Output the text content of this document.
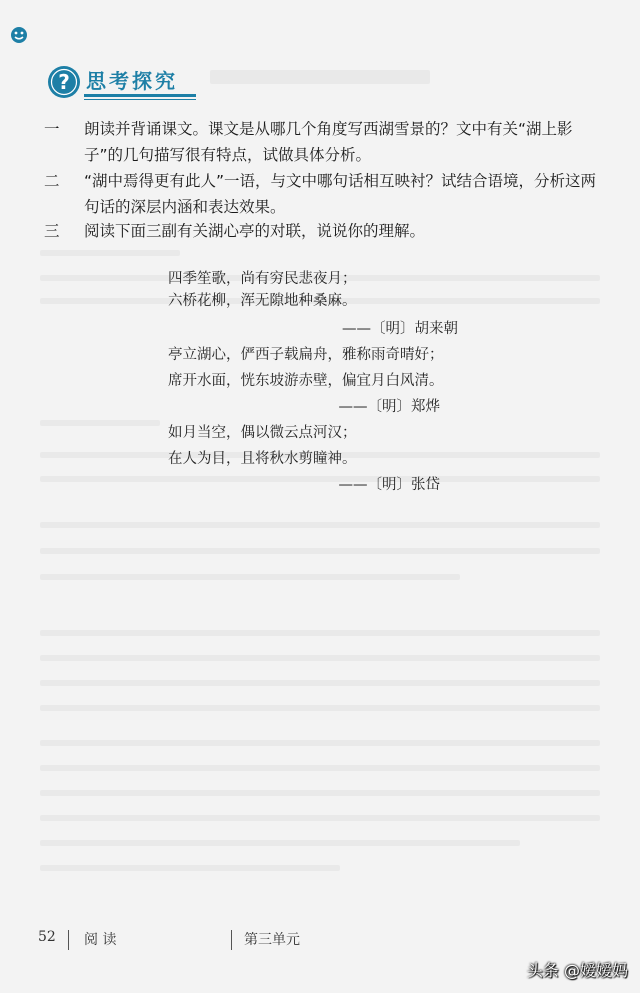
? 思考探究
一	朗读并背诵课文。课文是从哪几个角度写西湖雪景的？文中有关“湖上影子”的几句描写很有特点，试做具体分析。
二	“湖中焉得更有此人”一语，与文中哪句话相互映衬？试结合语境，分析这两句话的深层内涵和表达效果。
三	阅读下面三副有关湖心亭的对联，说说你的理解。
四季笙歌，尚有穷民悲夜月；
六桥花柳，浑无隙地种桑麻。
——〔明〕胡来朝
亭立湖心，俨西子载扁舟，雅称雨奇晴好；
席开水面，恍东坡游赤壁，偏宜月白风清。
——〔明〕郑烨
如月当空，偶以微云点河汉；
在人为目，且将秋水剪瞳神。
——〔明〕张岱
52 阅 读	第三单元
头条 @嫒嫒妈
